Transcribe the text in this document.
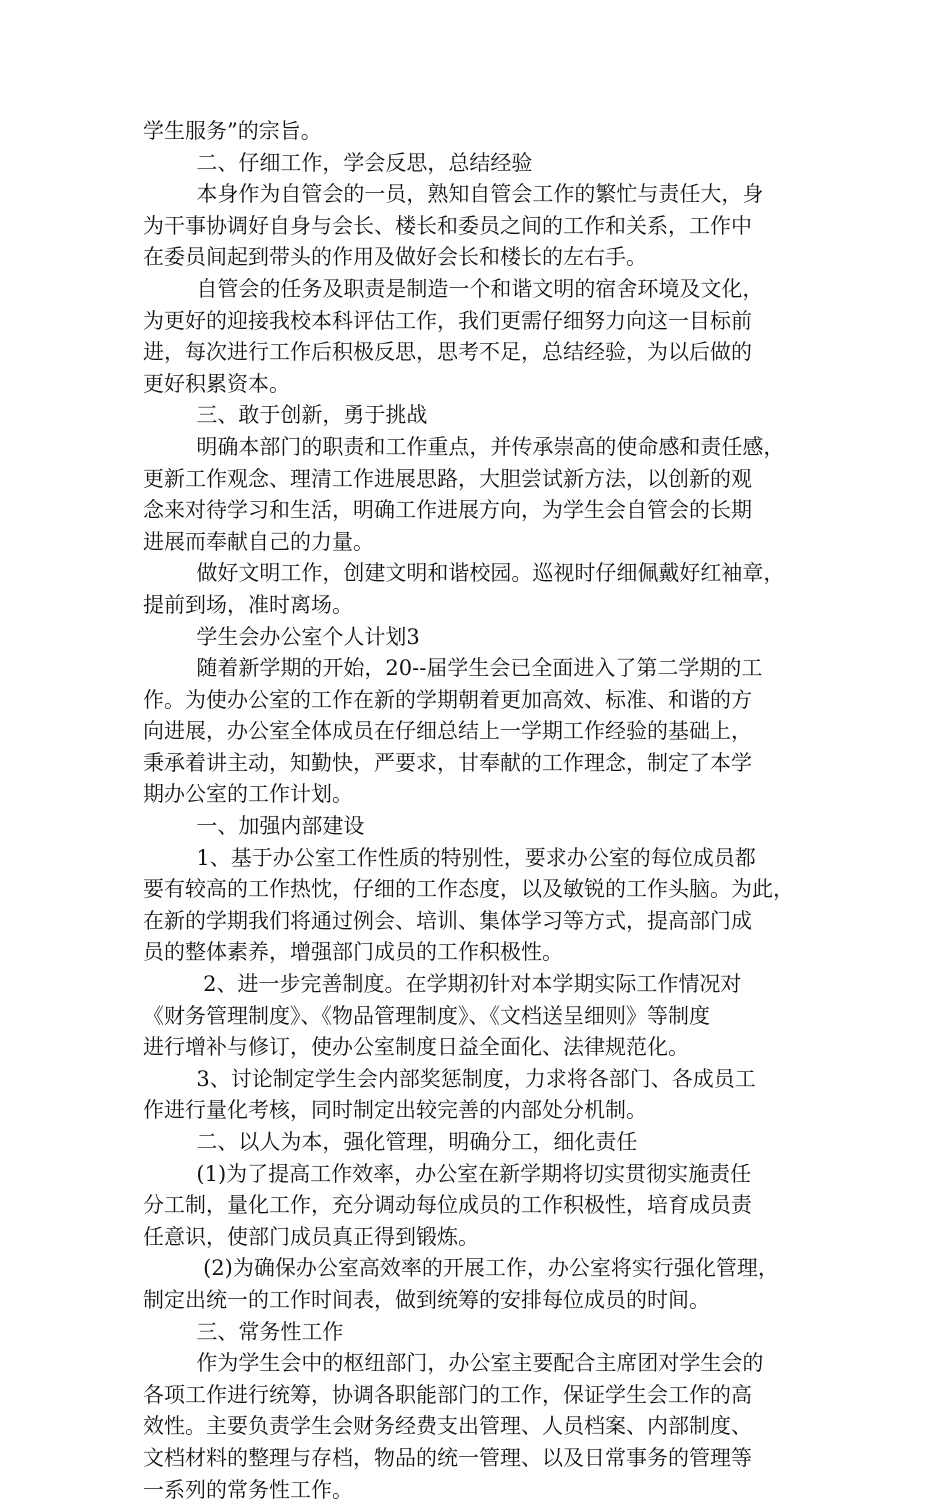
学生服务”的宗旨。
二、仔细工作，学会反思，总结经验
本身作为自管会的一员，熟知自管会工作的繁忙与责任大，身
为干事协调好自身与会长、楼长和委员之间的工作和关系，工作中
在委员间起到带头的作用及做好会长和楼长的左右手。
自管会的任务及职责是制造一个和谐文明的宿舍环境及文化，
为更好的迎接我校本科评估工作，我们更需仔细努力向这一目标前
进，每次进行工作后积极反思，思考不足，总结经验，为以后做的
更好积累资本。
三、敢于创新，勇于挑战
明确本部门的职责和工作重点，并传承崇高的使命感和责任感，
更新工作观念、理清工作进展思路，大胆尝试新方法，以创新的观
念来对待学习和生活，明确工作进展方向，为学生会自管会的长期
进展而奉献自己的力量。
做好文明工作，创建文明和谐校园。巡视时仔细佩戴好红袖章，
提前到场，准时离场。
学生会办公室个人计划3
随着新学期的开始，20--届学生会已全面进入了第二学期的工
作。为使办公室的工作在新的学期朝着更加高效、标准、和谐的方
向进展，办公室全体成员在仔细总结上一学期工作经验的基础上，
秉承着讲主动，知勤快，严要求，甘奉献的工作理念，制定了本学
期办公室的工作计划。
一、加强内部建设
1、基于办公室工作性质的特别性，要求办公室的每位成员都
要有较高的工作热忱，仔细的工作态度，以及敏锐的工作头脑。为此，
在新的学期我们将通过例会、培训、集体学习等方式，提高部门成
员的整体素养，增强部门成员的工作积极性。
2、进一步完善制度。在学期初针对本学期实际工作情况对
《财务管理制度》、《物品管理制度》、《文档送呈细则》等制度
进行增补与修订，使办公室制度日益全面化、法律规范化。
3、讨论制定学生会内部奖惩制度，力求将各部门、各成员工
作进行量化考核，同时制定出较完善的内部处分机制。
二、以人为本，强化管理，明确分工，细化责任
(1)为了提高工作效率，办公室在新学期将切实贯彻实施责任
分工制，量化工作，充分调动每位成员的工作积极性，培育成员责
任意识，使部门成员真正得到锻炼。
(2)为确保办公室高效率的开展工作，办公室将实行强化管理，
制定出统一的工作时间表，做到统筹的安排每位成员的时间。
三、常务性工作
作为学生会中的枢纽部门，办公室主要配合主席团对学生会的
各项工作进行统筹，协调各职能部门的工作，保证学生会工作的高
效性。主要负责学生会财务经费支出管理、人员档案、内部制度、
文档材料的整理与存档，物品的统一管理、以及日常事务的管理等
一系列的常务性工作。
